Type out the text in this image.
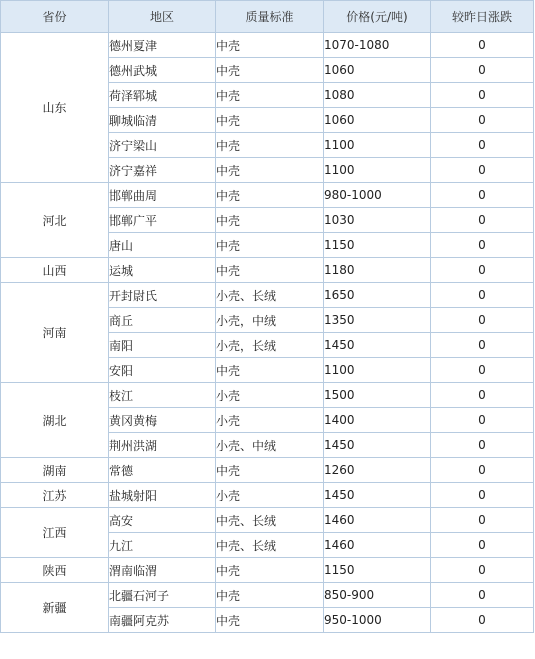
省份	地区	质量标准	价格(元/吨)	较昨日涨跌
山东	德州夏津	中壳	1070-1080	0
	德州武城	中壳	1060	0
	荷泽郓城	中壳	1080	0
	聊城临清	中壳	1060	0
	济宁梁山	中壳	1100	0
	济宁嘉祥	中壳	1100	0
河北	邯郸曲周	中壳	980-1000	0
	邯郸广平	中壳	1030	0
	唐山	中壳	1150	0
山西	运城	中壳	1180	0
河南	开封尉氏	小壳、长绒	1650	0
	商丘	小壳，中绒	1350	0
	南阳	小壳，长绒	1450	0
	安阳	中壳	1100	0
湖北	枝江	小壳	1500	0
	黄冈黄梅	小壳	1400	0
	荆州洪湖	小壳、中绒	1450	0
湖南	常德	中壳	1260	0
江苏	盐城射阳	小壳	1450	0
江西	高安	中壳、长绒	1460	0
	九江	中壳、长绒	1460	0
陕西	渭南临渭	中壳	1150	0
新疆	北疆石河子	中壳	850-900	0
	南疆阿克苏	中壳	950-1000	0
